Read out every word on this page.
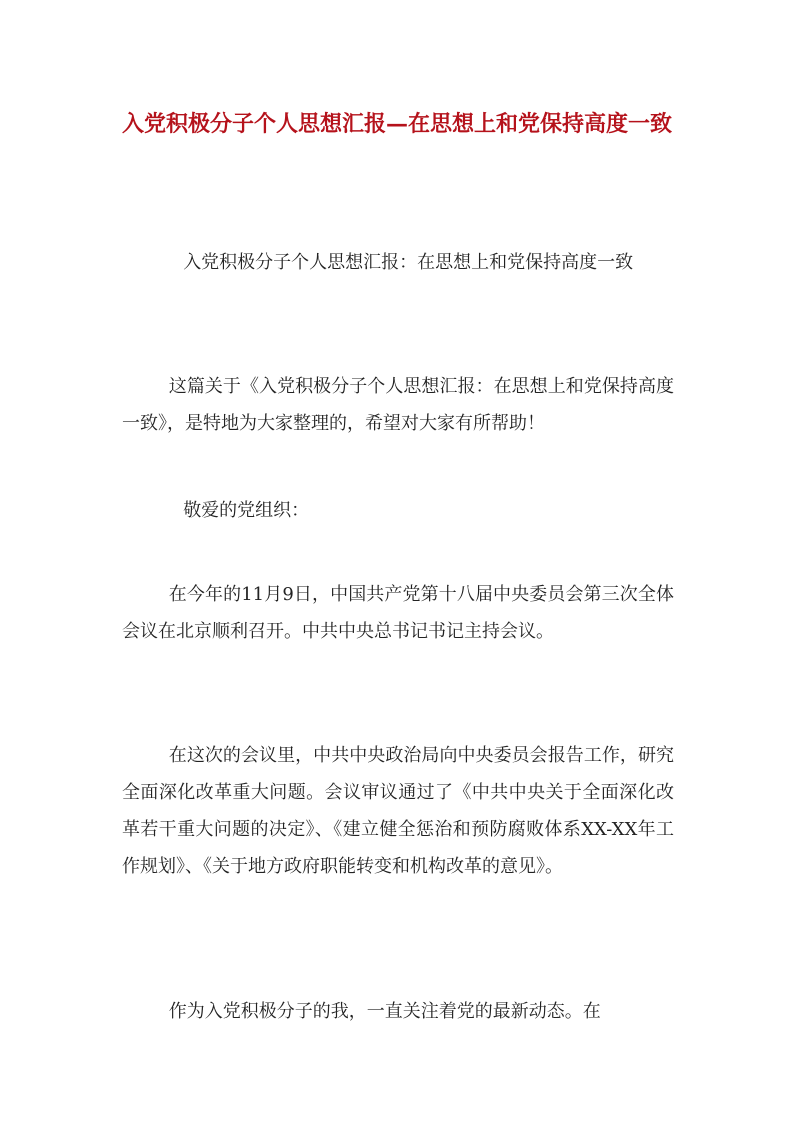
入党积极分子个人思想汇报—在思想上和党保持高度一致

入党积极分子个人思想汇报：在思想上和党保持高度一致

这篇关于《入党积极分子个人思想汇报：在思想上和党保持高度一致》，是特地为大家整理的，希望对大家有所帮助！

敬爱的党组织：

在今年的11月9日，中国共产党第十八届中央委员会第三次全体会议在北京顺利召开。中共中央总书记书记主持会议。

在这次的会议里，中共中央政治局向中央委员会报告工作，研究全面深化改革重大问题。会议审议通过了《中共中央关于全面深化改革若干重大问题的决定》、《建立健全惩治和预防腐败体系XX-XX年工作规划》、《关于地方政府职能转变和机构改革的意见》。

作为入党积极分子的我，一直关注着党的最新动态。在
